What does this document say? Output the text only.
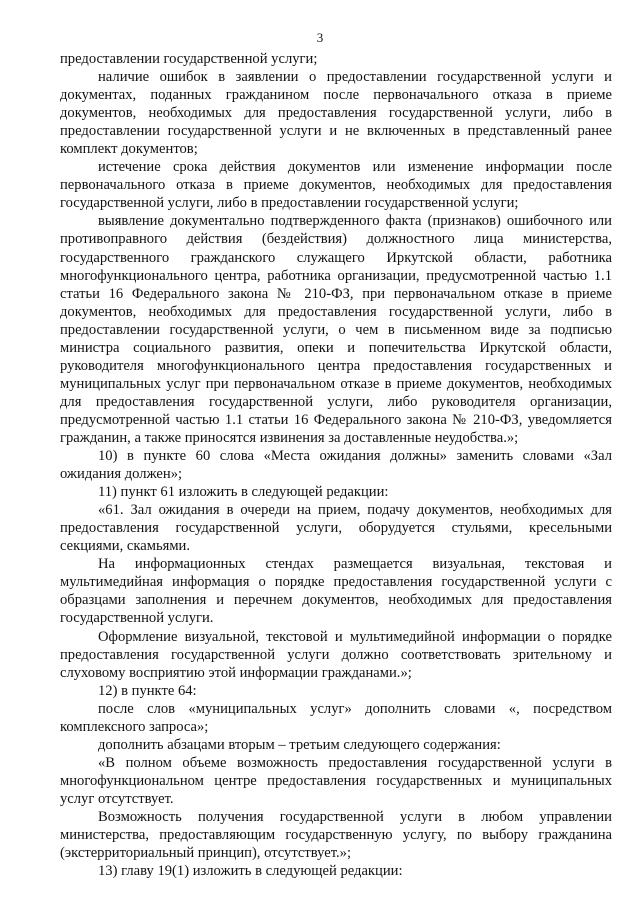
3

предоставлении государственной услуги;

наличие ошибок в заявлении о предоставлении государственной услуги и документах, поданных гражданином после первоначального отказа в приеме документов, необходимых для предоставления государственной услуги, либо в предоставлении государственной услуги и не включенных в представленный ранее комплект документов;

истечение срока действия документов или изменение информации после первоначального отказа в приеме документов, необходимых для предоставления государственной услуги, либо в предоставлении государственной услуги;

выявление документально подтвержденного факта (признаков) ошибочного или противоправного действия (бездействия) должностного лица министерства, государственного гражданского служащего Иркутской области, работника многофункционального центра, работника организации, предусмотренной частью 1.1 статьи 16 Федерального закона № 210-ФЗ, при первоначальном отказе в приеме документов, необходимых для предоставления государственной услуги, либо в предоставлении государственной услуги, о чем в письменном виде за подписью министра социального развития, опеки и попечительства Иркутской области, руководителя многофункционального центра предоставления государственных и муниципальных услуг при первоначальном отказе в приеме документов, необходимых для предоставления государственной услуги, либо руководителя организации, предусмотренной частью 1.1 статьи 16 Федерального закона № 210-ФЗ, уведомляется гражданин, а также приносятся извинения за доставленные неудобства.»;

10) в пункте 60 слова «Места ожидания должны» заменить словами «Зал ожидания должен»;

11) пункт 61 изложить в следующей редакции:

«61. Зал ожидания в очереди на прием, подачу документов, необходимых для предоставления государственной услуги, оборудуется стульями, кресельными секциями, скамьями.

На информационных стендах размещается визуальная, текстовая и мультимедийная информация о порядке предоставления государственной услуги с образцами заполнения и перечнем документов, необходимых для предоставления государственной услуги.

Оформление визуальной, текстовой и мультимедийной информации о порядке предоставления государственной услуги должно соответствовать зрительному и слуховому восприятию этой информации гражданами.»;

12) в пункте 64:

после слов «муниципальных услуг» дополнить словами «, посредством комплексного запроса»;

дополнить абзацами вторым – третьим следующего содержания:

«В полном объеме возможность предоставления государственной услуги в многофункциональном центре предоставления государственных и муниципальных услуг отсутствует.

Возможность получения государственной услуги в любом управлении министерства, предоставляющим государственную услугу, по выбору гражданина (экстерриториальный принцип), отсутствует.»;

13) главу 19(1) изложить в следующей редакции:
